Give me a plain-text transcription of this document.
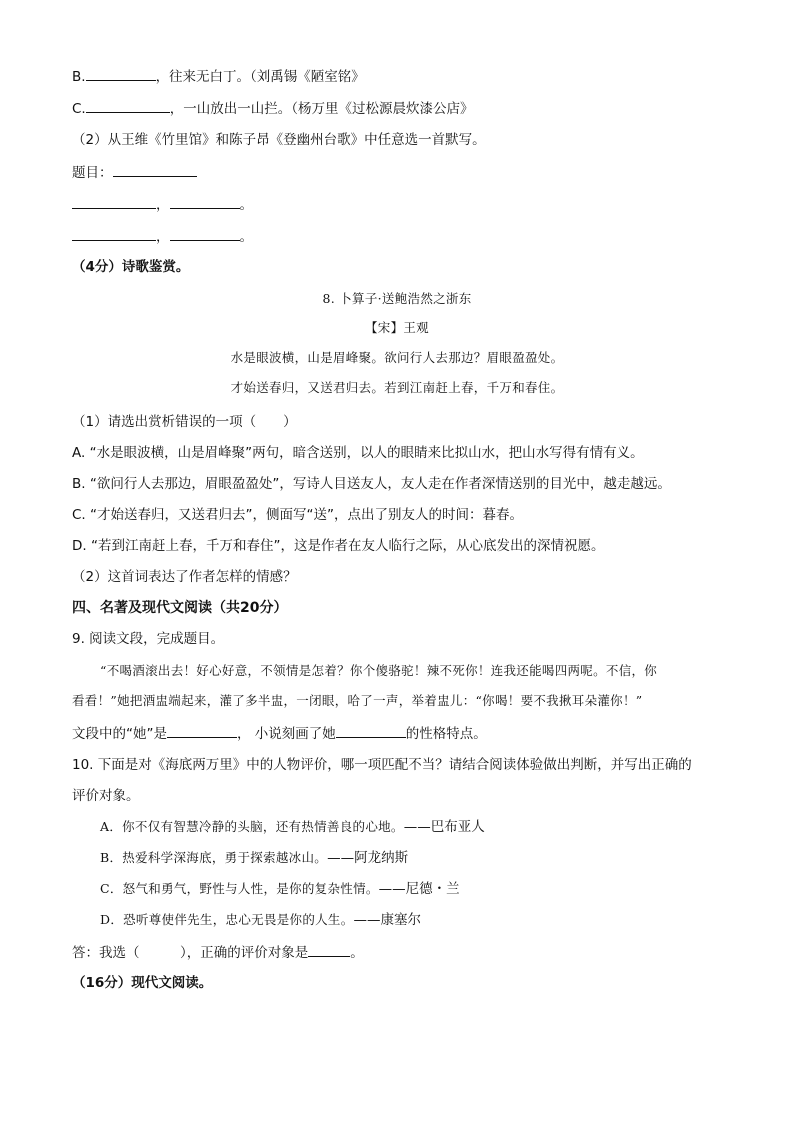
B.	，往来无白丁。（刘禹锡《陋室铭》
C.	，一山放出一山拦。（杨万里《过松源晨炊漆公店》
（2）从王维《竹里馆》和陈子昂《登幽州台歌》中任意选一首默写。
题目：
，	。
，	。
（4分）诗歌鉴赏。
8. 卜算子·送鲍浩然之浙东
【宋】王观
水是眼波横，山是眉峰聚。欲问行人去那边？眉眼盈盈处。
才始送春归，又送君归去。若到江南赶上春，千万和春住。
（1）请选出赏析错误的一项（　　）
A. “水是眼波横，山是眉峰聚”两句，暗含送别，以人的眼睛来比拟山水，把山水写得有情有义。
B. “欲问行人去那边，眉眼盈盈处”，写诗人目送友人，友人走在作者深情送别的目光中，越走越远。
C. “才始送春归，又送君归去”，侧面写“送”，点出了别友人的时间：暮春。
D. “若到江南赶上春，千万和春住”，这是作者在友人临行之际，从心底发出的深情祝愿。
（2）这首词表达了作者怎样的情感？
四、名著及现代文阅读（共20分）
9. 阅读文段，完成题目。
“不喝酒滚出去！好心好意，不领情是怎着？你个傻骆驼！辣不死你！连我还能喝四两呢。不信，你
看看！”她把酒盅端起来，灌了多半盅，一闭眼，哈了一声，举着盅儿：“你喝！要不我揪耳朵灌你！”
文段中的“她”是	， 小说刻画了她	的性格特点。
10. 下面是对《海底两万里》中的人物评价，哪一项匹配不当？请结合阅读体验做出判断，并写出正确的
评价对象。
A．你不仅有智慧冷静的头脑，还有热情善良的心地。——巴布亚人
B．热爱科学深海底，勇于探索越冰山。——阿龙纳斯
C．怒气和勇气，野性与人性，是你的复杂性情。——尼德・兰
D．恐听尊使伴先生，忠心无畏是你的人生。——康塞尔
答：我选（　　　），正确的评价对象是	。
（16分）现代文阅读。
